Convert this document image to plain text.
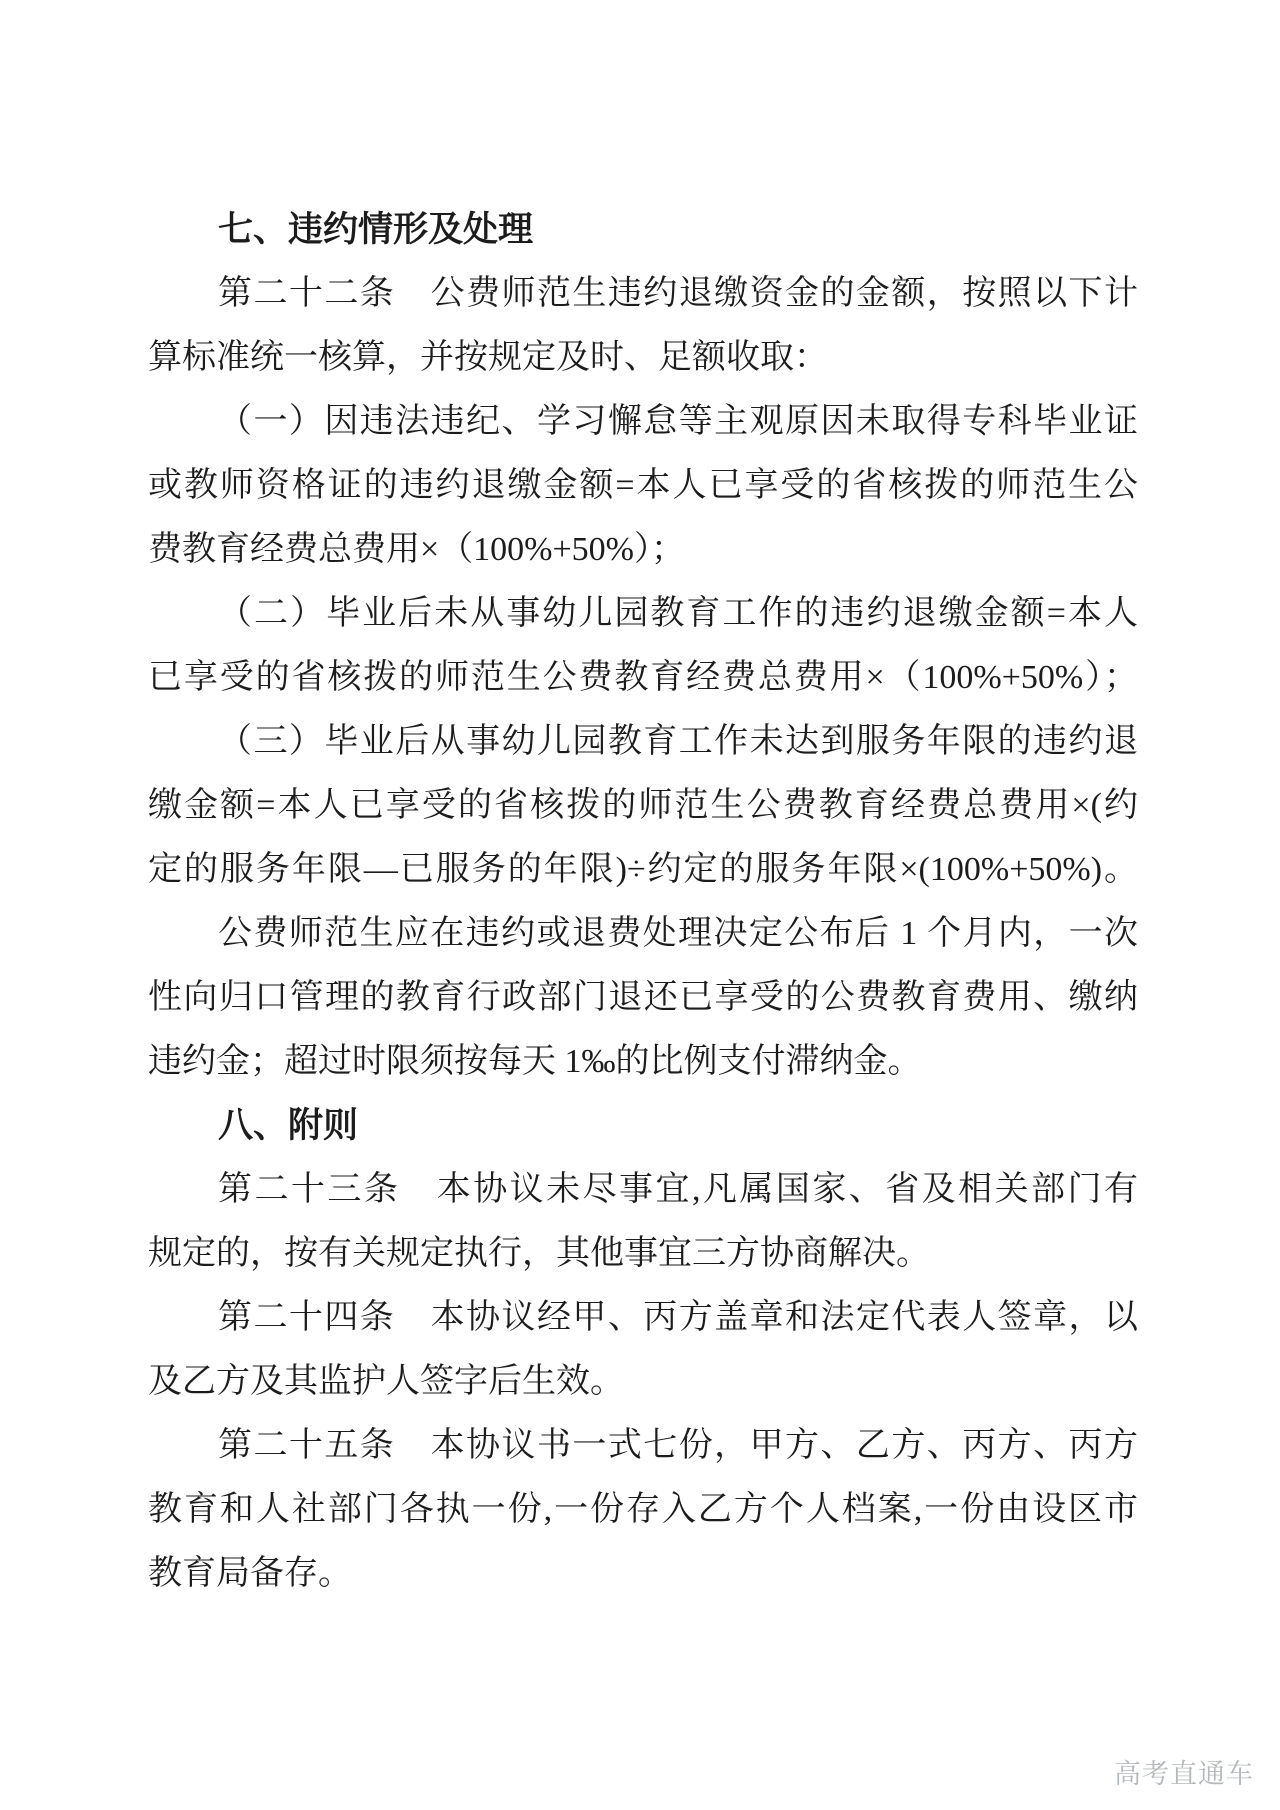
七、违约情形及处理
第二十二条　公费师范生违约退缴资金的金额，按照以下计
算标准统一核算，并按规定及时、足额收取：
（一）因违法违纪、学习懈怠等主观原因未取得专科毕业证
或教师资格证的违约退缴金额=本人已享受的省核拨的师范生公
费教育经费总费用×（100%+50%）；
（二）毕业后未从事幼儿园教育工作的违约退缴金额=本人
已享受的省核拨的师范生公费教育经费总费用×（100%+50%）；
（三）毕业后从事幼儿园教育工作未达到服务年限的违约退
缴金额=本人已享受的省核拨的师范生公费教育经费总费用×(约
定的服务年限—已服务的年限)÷约定的服务年限×(100%+50%)。
公费师范生应在违约或退费处理决定公布后 1 个月内，一次
性向归口管理的教育行政部门退还已享受的公费教育费用、缴纳
违约金；超过时限须按每天 1‰的比例支付滞纳金。
八、附则
第二十三条　本协议未尽事宜,凡属国家、省及相关部门有
规定的，按有关规定执行，其他事宜三方协商解决。
第二十四条　本协议经甲、丙方盖章和法定代表人签章，以
及乙方及其监护人签字后生效。
第二十五条　本协议书一式七份，甲方、乙方、丙方、丙方
教育和人社部门各执一份,一份存入乙方个人档案,一份由设区市
教育局备存。
高考直通车
